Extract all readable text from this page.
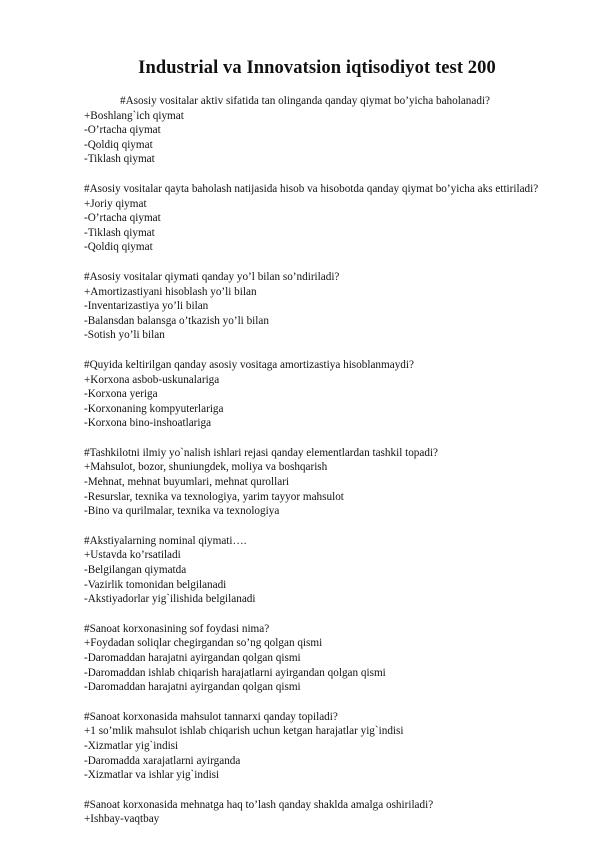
Industrial va Innovatsion iqtisodiyot test 200
#Asosiy vositalar aktiv sifatida tan olinganda qanday qiymat bo’yicha baholanadi?
+Boshlang`ich qiymat
-O’rtacha qiymat
-Qoldiq qiymat
-Tiklash qiymat
#Asosiy vositalar qayta baholash natijasida hisob va hisobotda qanday qiymat bo’yicha aks ettiriladi?
+Joriy qiymat
-O’rtacha qiymat
-Tiklash qiymat
-Qoldiq qiymat
#Asosiy vositalar qiymati qanday yo’l bilan so’ndiriladi?
+Amortizastiyani hisoblash yo’li bilan
-Inventarizastiya yo’li bilan
-Balansdan balansga o’tkazish yo’li bilan
-Sotish yo’li bilan
#Quyida keltirilgan qanday asosiy vositaga amortizastiya hisoblanmaydi?
+Korxona asbob-uskunalariga
-Korxona yeriga
-Korxonaning kompyuterlariga
-Korxona bino-inshoatlariga
#Tashkilotni ilmiy yo`nalish ishlari rejasi qanday elementlardan tashkil topadi?
+Mahsulot, bozor, shuniungdek, moliya va boshqarish
-Mehnat, mehnat buyumlari, mehnat qurollari
-Resurslar, texnika va texnologiya, yarim tayyor mahsulot
-Bino va qurilmalar, texnika va texnologiya
#Akstiyalarning nominal qiymati….
+Ustavda ko’rsatiladi
-Belgilangan qiymatda
-Vazirlik tomonidan belgilanadi
-Akstiyadorlar yig`ilishida belgilanadi
#Sanoat korxonasining sof foydasi nima?
+Foydadan soliqlar chegirgandan so’ng qolgan qismi
-Daromaddan harajatni ayirgandan qolgan qismi
-Daromaddan ishlab chiqarish harajatlarni ayirgandan qolgan qismi
-Daromaddan harajatni ayirgandan qolgan qismi
#Sanoat korxonasida mahsulot tannarxi qanday topiladi?
+1 so’mlik mahsulot ishlab chiqarish uchun ketgan harajatlar yig`indisi
-Xizmatlar yig`indisi
-Daromadda xarajatlarni ayirganda
-Xizmatlar va ishlar yig`indisi
#Sanoat korxonasida mehnatga haq to’lash qanday shaklda amalga oshiriladi?
+Ishbay-vaqtbay
